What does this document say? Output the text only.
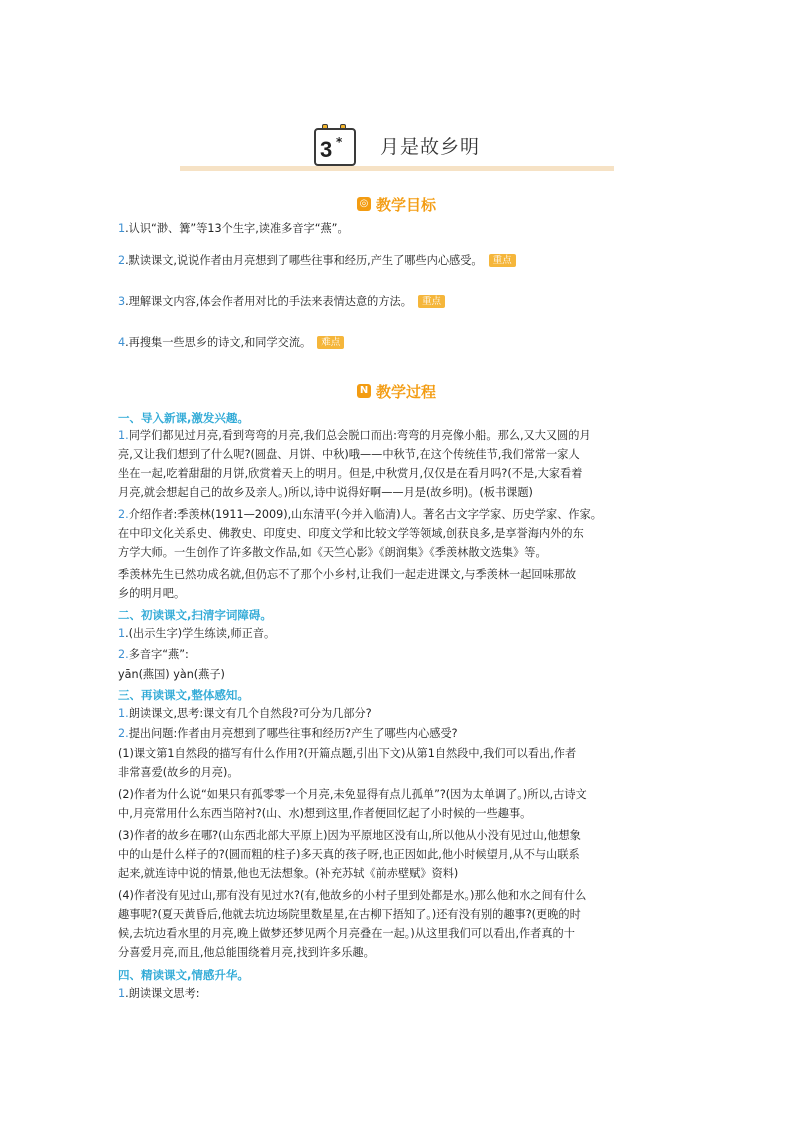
3 * 月是故乡明
◎ 教学目标
1.认识“渺、篝”等13个生字,读准多音字“燕”。
2.默读课文,说说作者由月亮想到了哪些往事和经历,产生了哪些内心感受。 重点
3.理解课文内容,体会作者用对比的手法来表情达意的方法。 重点
4.再搜集一些思乡的诗文,和同学交流。 难点
N 教学过程
一、导入新课,激发兴趣。
1.同学们都见过月亮,看到弯弯的月亮,我们总会脱口而出:弯弯的月亮像小船。那么,又大又圆的月
亮,又让我们想到了什么呢?(圆盘、月饼、中秋)哦——中秋节,在这个传统佳节,我们常常一家人
坐在一起,吃着甜甜的月饼,欣赏着天上的明月。但是,中秋赏月,仅仅是在看月吗?(不是,大家看着
月亮,就会想起自己的故乡及亲人。)所以,诗中说得好啊——月是(故乡明)。(板书课题)
2.介绍作者:季羡林(1911—2009),山东清平(今并入临清)人。著名古文字学家、历史学家、作家。
在中印文化关系史、佛教史、印度史、印度文学和比较文学等领域,创获良多,是享誉海内外的东
方学大师。一生创作了许多散文作品,如《天竺心影》《朗润集》《季羡林散文选集》等。
季羡林先生已然功成名就,但仍忘不了那个小乡村,让我们一起走进课文,与季羡林一起回味那故
乡的明月吧。
二、初读课文,扫清字词障碍。
1.(出示生字)学生练读,师正音。
2.多音字“燕”:
yān(燕国) yàn(燕子)
三、再读课文,整体感知。
1.朗读课文,思考:课文有几个自然段?可分为几部分?
2.提出问题:作者由月亮想到了哪些往事和经历?产生了哪些内心感受?
(1)课文第1自然段的描写有什么作用?(开篇点题,引出下文)从第1自然段中,我们可以看出,作者
非常喜爱(故乡的月亮)。
(2)作者为什么说“如果只有孤零零一个月亮,未免显得有点儿孤单”?(因为太单调了。)所以,古诗文
中,月亮常用什么东西当陪衬?(山、水)想到这里,作者便回忆起了小时候的一些趣事。
(3)作者的故乡在哪?(山东西北部大平原上)因为平原地区没有山,所以他从小没有见过山,他想象
中的山是什么样子的?(圆而粗的柱子)多天真的孩子呀,也正因如此,他小时候望月,从不与山联系
起来,就连诗中说的情景,他也无法想象。(补充苏轼《前赤壁赋》资料)
(4)作者没有见过山,那有没有见过水?(有,他故乡的小村子里到处都是水。)那么他和水之间有什么
趣事呢?(夏天黄昏后,他就去坑边场院里数星星,在古柳下捂知了。)还有没有别的趣事?(更晚的时
候,去坑边看水里的月亮,晚上做梦还梦见两个月亮叠在一起。)从这里我们可以看出,作者真的十
分喜爱月亮,而且,他总能围绕着月亮,找到许多乐趣。
四、精读课文,情感升华。
1.朗读课文思考:
